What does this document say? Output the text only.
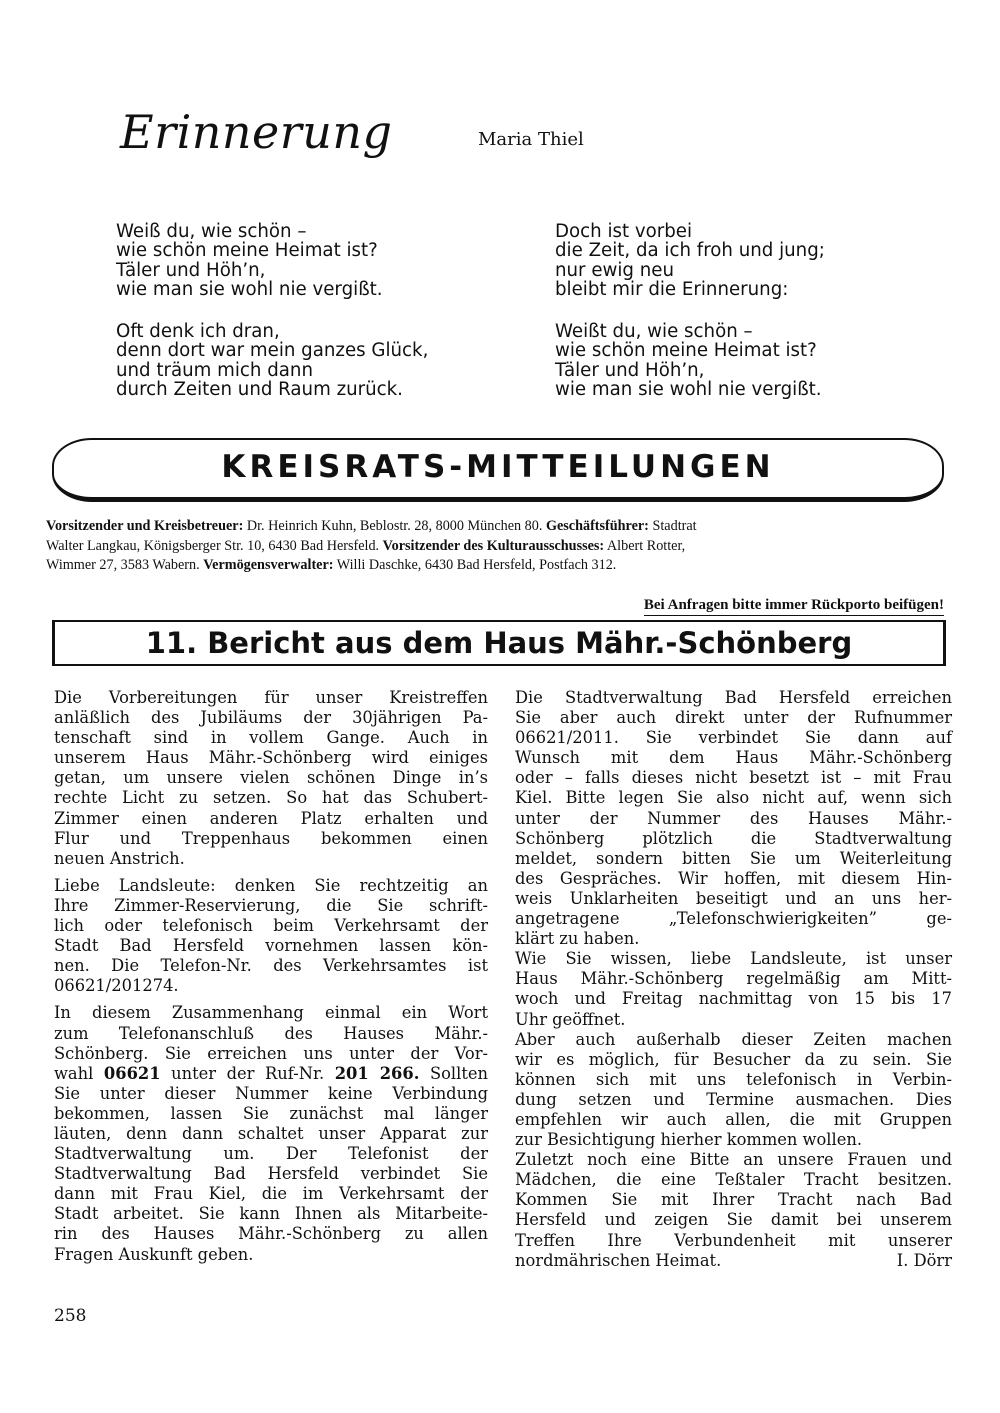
Erinnerung	Maria Thiel
Weiß du, wie schön –
wie schön meine Heimat ist?
Täler und Höh’n,
wie man sie wohl nie vergißt.
Oft denk ich dran,
denn dort war mein ganzes Glück,
und träum mich dann
durch Zeiten und Raum zurück.
Doch ist vorbei
die Zeit, da ich froh und jung;
nur ewig neu
bleibt mir die Erinnerung:
Weißt du, wie schön –
wie schön meine Heimat ist?
Täler und Höh’n,
wie man sie wohl nie vergißt.
KREISRATS-MITTEILUNGEN
Vorsitzender und Kreisbetreuer: Dr. Heinrich Kuhn, Beblostr. 28, 8000 München 80. Geschäftsführer: Stadtrat
Walter Langkau, Königsberger Str. 10, 6430 Bad Hersfeld. Vorsitzender des Kulturausschusses: Albert Rotter,
Wimmer 27, 3583 Wabern. Vermögensverwalter: Willi Daschke, 6430 Bad Hersfeld, Postfach 312.
Bei Anfragen bitte immer Rückporto beifügen!
11. Bericht aus dem Haus Mähr.-Schönberg
Die Vorbereitungen für unser Kreistreffen
anläßlich des Jubiläums der 30jährigen Pa-
tenschaft sind in vollem Gange. Auch in
unserem Haus Mähr.-Schönberg wird einiges
getan, um unsere vielen schönen Dinge in’s
rechte Licht zu setzen. So hat das Schubert-
Zimmer einen anderen Platz erhalten und
Flur und Treppenhaus bekommen einen
neuen Anstrich.
Liebe Landsleute: denken Sie rechtzeitig an
Ihre Zimmer-Reservierung, die Sie schrift-
lich oder telefonisch beim Verkehrsamt der
Stadt Bad Hersfeld vornehmen lassen kön-
nen. Die Telefon-Nr. des Verkehrsamtes ist
06621/201274.
In diesem Zusammenhang einmal ein Wort
zum Telefonanschluß des Hauses Mähr.-
Schönberg. Sie erreichen uns unter der Vor-
wahl 06621 unter der Ruf-Nr. 201 266. Sollten
Sie unter dieser Nummer keine Verbindung
bekommen, lassen Sie zunächst mal länger
läuten, denn dann schaltet unser Apparat zur
Stadtverwaltung um. Der Telefonist der
Stadtverwaltung Bad Hersfeld verbindet Sie
dann mit Frau Kiel, die im Verkehrsamt der
Stadt arbeitet. Sie kann Ihnen als Mitarbeite-
rin des Hauses Mähr.-Schönberg zu allen
Fragen Auskunft geben.
Die Stadtverwaltung Bad Hersfeld erreichen
Sie aber auch direkt unter der Rufnummer
06621/2011. Sie verbindet Sie dann auf
Wunsch mit dem Haus Mähr.-Schönberg
oder – falls dieses nicht besetzt ist – mit Frau
Kiel. Bitte legen Sie also nicht auf, wenn sich
unter der Nummer des Hauses Mähr.-
Schönberg plötzlich die Stadtverwaltung
meldet, sondern bitten Sie um Weiterleitung
des Gespräches. Wir hoffen, mit diesem Hin-
weis Unklarheiten beseitigt und an uns her-
angetragene „Telefonschwierigkeiten” ge-
klärt zu haben.
Wie Sie wissen, liebe Landsleute, ist unser
Haus Mähr.-Schönberg regelmäßig am Mitt-
woch und Freitag nachmittag von 15 bis 17
Uhr geöffnet.
Aber auch außerhalb dieser Zeiten machen
wir es möglich, für Besucher da zu sein. Sie
können sich mit uns telefonisch in Verbin-
dung setzen und Termine ausmachen. Dies
empfehlen wir auch allen, die mit Gruppen
zur Besichtigung hierher kommen wollen.
Zuletzt noch eine Bitte an unsere Frauen und
Mädchen, die eine Teßtaler Tracht besitzen.
Kommen Sie mit Ihrer Tracht nach Bad
Hersfeld und zeigen Sie damit bei unserem
Treffen Ihre Verbundenheit mit unserer
nordmährischen Heimat.	I. Dörr
258
